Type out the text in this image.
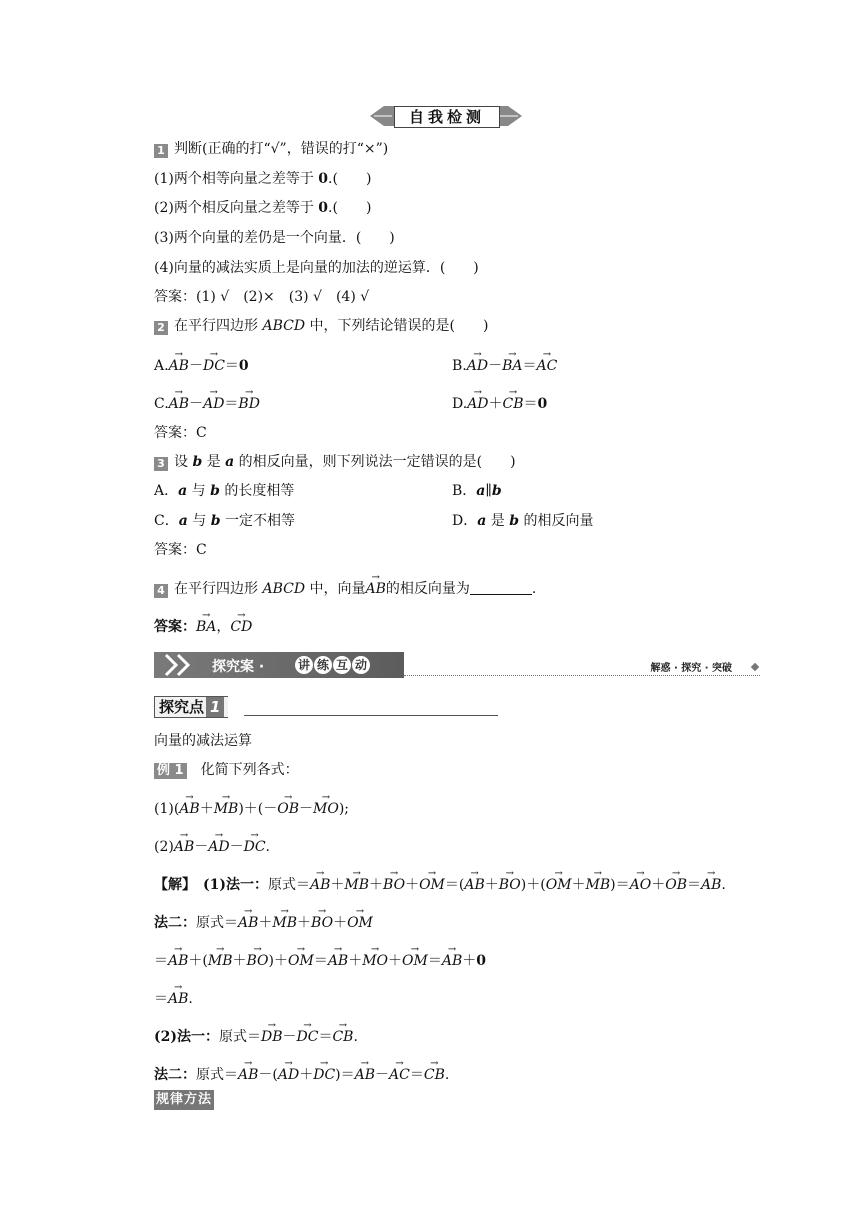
自我检测
1 判断(正确的打“√”，错误的打“×”)
(1)两个相等向量之差等于 0.(　　)
(2)两个相反向量之差等于 0.(　　)
(3)两个向量的差仍是一个向量．(　　)
(4)向量的减法实质上是向量的加法的逆运算．(　　)
答案：(1) √　(2)×　(3) √　(4) √
2 在平行四边形 ABCD 中，下列结论错误的是(　　)
A.→ AB－→ DC＝0	B.→ AD－→ BA＝→ AC
C.→ AB－→ AD＝→ BD	D.→ AD＋→ CB＝0
答案：C
3 设 b 是 a 的相反向量，则下列说法一定错误的是(　　)
A．a 与 b 的长度相等	B．a∥b
C．a 与 b 一定不相等	D．a 是 b 的相反向量
答案：C
4 在平行四边形 ABCD 中，向量→ AB的相反向量为	.
答案：→ BA，→ CD
探究案 ·	讲 练 互 动	解惑 · 探究 · 突破
探究点 1
向量的减法运算
例 1　 化简下列各式：
(1)(→ AB＋→ MB)＋(－→ OB－→ MO);
(2)→ AB－→ AD－→ DC.
【解】　 (1)法一：原式＝→ AB＋→ MB＋→ BO＋→ OM＝(→ AB＋→ BO)＋(→ OM＋→ MB)＝→ AO＋→ OB＝→ AB.
法二：原式＝→ AB＋→ MB＋→ BO＋→ OM
＝→ AB＋(→ MB＋→ BO)＋→ OM＝→ AB＋→ MO＋→ OM＝→ AB＋0
＝→ AB.
(2)法一：原式＝→ DB－→ DC＝→ CB.
法二：原式＝→ AB－(→ AD＋→ DC)＝→ AB－→ AC＝→ CB.
规律方法
